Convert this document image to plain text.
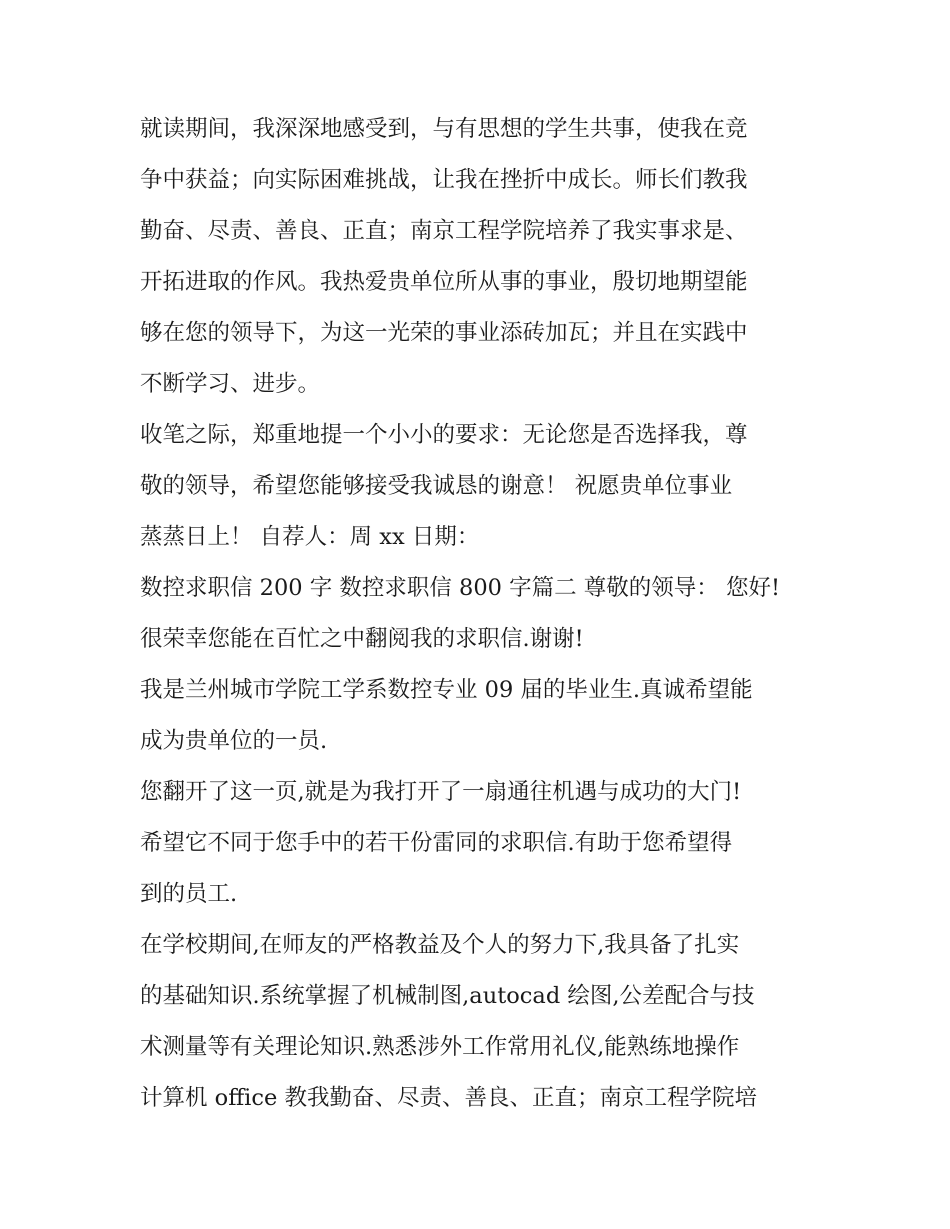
就读期间，我深深地感受到，与有思想的学生共事，使我在竞
争中获益；向实际困难挑战，让我在挫折中成长。师长们教我
勤奋、尽责、善良、正直；南京工程学院培养了我实事求是、
开拓进取的作风。我热爱贵单位所从事的事业，殷切地期望能
够在您的领导下，为这一光荣的事业添砖加瓦；并且在实践中
不断学习、进步。
收笔之际，郑重地提一个小小的要求：无论您是否选择我，尊
敬的领导，希望您能够接受我诚恳的谢意！ 祝愿贵单位事业
蒸蒸日上！ 自荐人：周 xx 日期：
数控求职信 200 字 数控求职信 800 字篇二 尊敬的领导： 您好!
很荣幸您能在百忙之中翻阅我的求职信.谢谢!
我是兰州城市学院工学系数控专业 09 届的毕业生.真诚希望能
成为贵单位的一员.
您翻开了这一页,就是为我打开了一扇通往机遇与成功的大门!
希望它不同于您手中的若干份雷同的求职信.有助于您希望得
到的员工.
在学校期间,在师友的严格教益及个人的努力下,我具备了扎实
的基础知识.系统掌握了机械制图,autocad 绘图,公差配合与技
术测量等有关理论知识.熟悉涉外工作常用礼仪,能熟练地操作
计算机 office 教我勤奋、尽责、善良、正直；南京工程学院培
